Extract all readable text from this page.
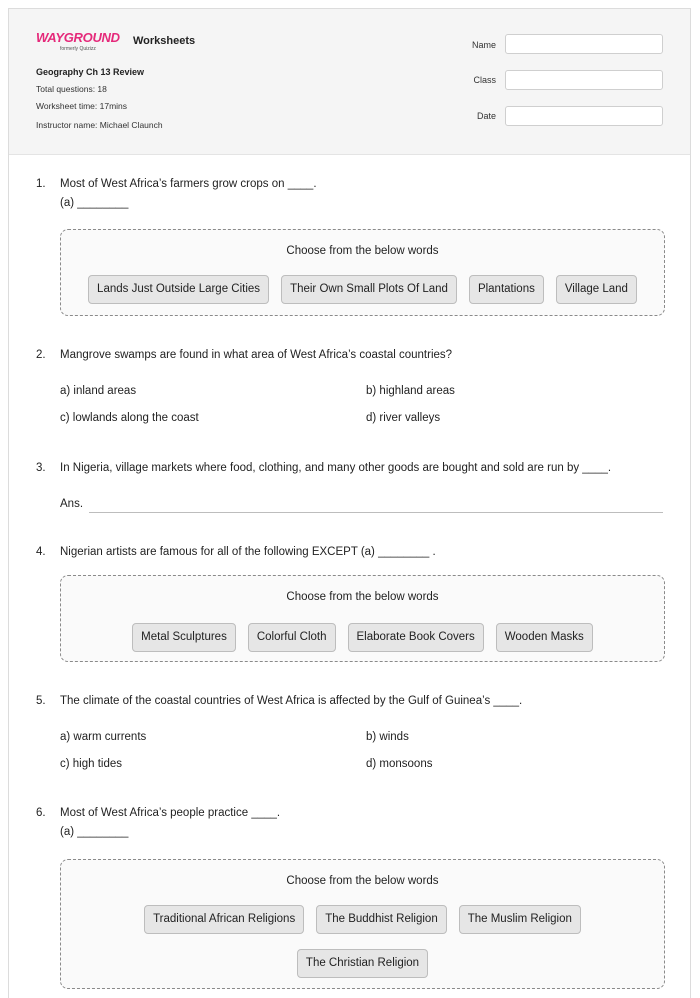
WAYGROUND
formerly Quizizz
Worksheets
Geography Ch 13 Review
Total questions: 18
Worksheet time: 17mins
Instructor name: Michael Claunch
Name
Class
Date
1. Most of West Africa’s farmers grow crops on ____.
(a) ________
Choose from the below words
Lands Just Outside Large Cities	Their Own Small Plots Of Land	Plantations	Village Land
2. Mangrove swamps are found in what area of West Africa’s coastal countries?
a) inland areas	b) highland areas
c) lowlands along the coast	d) river valleys
3. In Nigeria, village markets where food, clothing, and many other goods are bought and sold are run by ____.
Ans.
4. Nigerian artists are famous for all of the following EXCEPT (a) ________ .
Choose from the below words
Metal Sculptures	Colorful Cloth	Elaborate Book Covers	Wooden Masks
5. The climate of the coastal countries of West Africa is affected by the Gulf of Guinea’s ____.
a) warm currents	b) winds
c) high tides	d) monsoons
6. Most of West Africa’s people practice ____.
(a) ________
Choose from the below words
Traditional African Religions	The Buddhist Religion	The Muslim Religion
The Christian Religion
